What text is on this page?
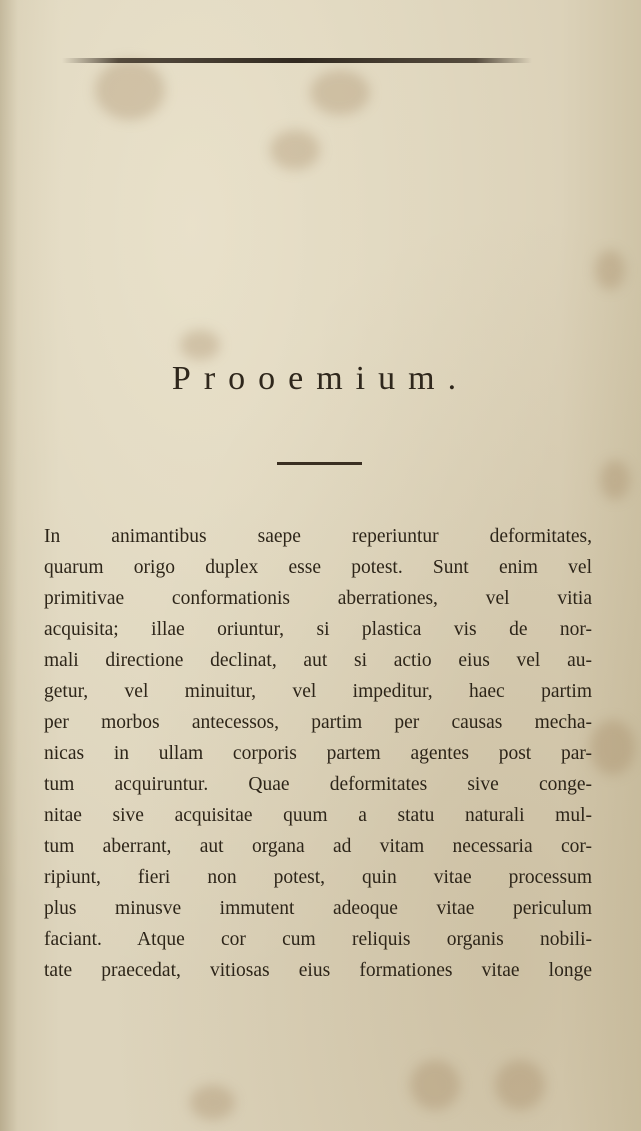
Prooemium.
In animantibus saepe reperiuntur deformitates,
quarum origo duplex esse potest. Sunt enim vel
primitivae conformationis aberrationes, vel vitia
acquisita; illae oriuntur, si plastica vis de nor-
mali directione declinat, aut si actio eius vel au-
getur, vel minuitur, vel impeditur, haec partim
per morbos antecessos, partim per causas mecha-
nicas in ullam corporis partem agentes post par-
tum acquiruntur. Quae deformitates sive conge-
nitae sive acquisitae quum a statu naturali mul-
tum aberrant, aut organa ad vitam necessaria cor-
ripiunt, fieri non potest, quin vitae processum
plus minusve immutent adeoque vitae periculum
faciant. Atque cor cum reliquis organis nobili-
tate praecedat, vitiosas eius formationes vitae longe
